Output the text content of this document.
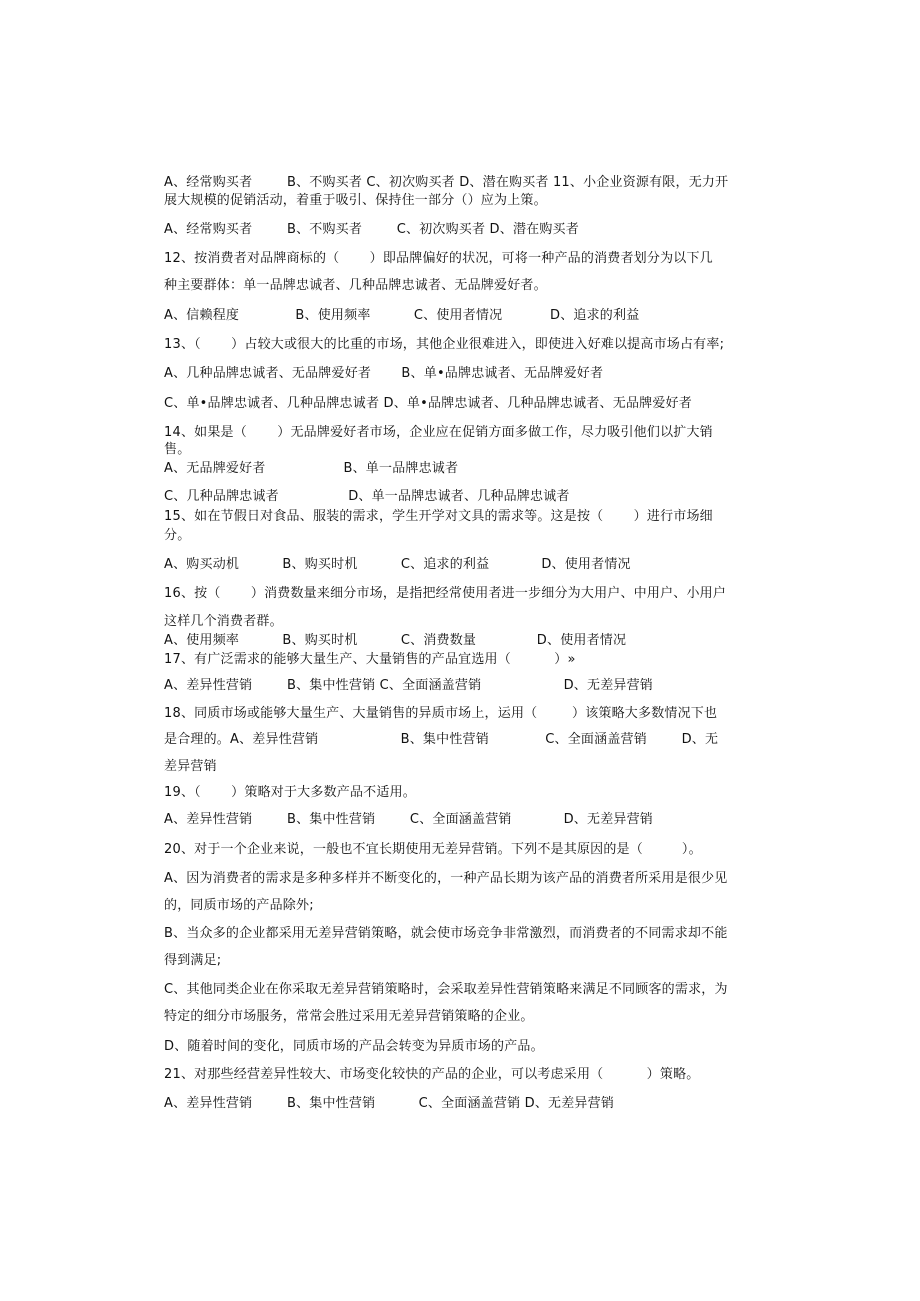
A、经常购买者        B、不购买者 C、初次购买者 D、潜在购买者 11、小企业资源有限，无力开
展大规模的促销活动，着重于吸引、保持住一部分（）应为上策。
A、经常购买者        B、不购买者        C、初次购买者 D、潜在购买者
12、按消费者对品牌商标的（       ）即品牌偏好的状况，可将一种产品的消费者划分为以下几
种主要群体：单一品牌忠诚者、几种品牌忠诚者、无品牌爱好者。
A、信赖程度             B、使用频率          C、使用者情况           D、追求的利益
13、（       ）占较大或很大的比重的市场，其他企业很难进入，即使进入好难以提高市场占有率;
A、几种品牌忠诚者、无品牌爱好者       B、单•品牌忠诚者、无品牌爱好者
C、单•品牌忠诚者、几种品牌忠诚者 D、单•品牌忠诚者、几种品牌忠诚者、无品牌爱好者
14、如果是（       ）无品牌爱好者市场，企业应在促销方面多做工作，尽力吸引他们以扩大销
售。
A、无品牌爱好者                  B、单一品牌忠诚者
C、几种品牌忠诚者                D、单一品牌忠诚者、几种品牌忠诚者
15、如在节假日对食品、服装的需求，学生开学对文具的需求等。这是按（       ）进行市场细
分。
A、购买动机          B、购买时机          C、追求的利益            D、使用者情况
16、按（       ）消费数量来细分市场，是指把经常使用者进一步细分为大用户、中用户、小用户
这样几个消费者群。
A、使用频率          B、购买时机          C、消费数量              D、使用者情况
17、有广泛需求的能够大量生产、大量销售的产品宜选用（          ）»
A、差异性营销        B、集中性营销 C、全面涵盖营销                   D、无差异营销
18、同质市场或能够大量生产、大量销售的异质市场上，运用（        ）该策略大多数情况下也
是合理的。A、差异性营销                   B、集中性营销             C、全面涵盖营销        D、无
差异营销
19、（       ）策略对于大多数产品不适用。
A、差异性营销        B、集中性营销        C、全面涵盖营销            D、无差异营销
20、对于一个企业来说，一般也不宜长期使用无差异营销。下列不是其原因的是（         ）。
A、因为消费者的需求是多种多样并不断变化的，一种产品长期为该产品的消费者所采用是很少见
的，同质市场的产品除外;
B、当众多的企业都采用无差异营销策略，就会使市场竞争非常激烈，而消费者的不同需求却不能
得到满足;
C、其他同类企业在你采取无差异营销策略时，会采取差异性营销策略来满足不同顾客的需求，为
特定的细分市场服务，常常会胜过采用无差异营销策略的企业。
D、随着时间的变化，同质市场的产品会转变为异质市场的产品。
21、对那些经营差异性较大、市场变化较快的产品的企业，可以考虑采用（          ）策略。
A、差异性营销        B、集中性营销          C、全面涵盖营销 D、无差异营销
